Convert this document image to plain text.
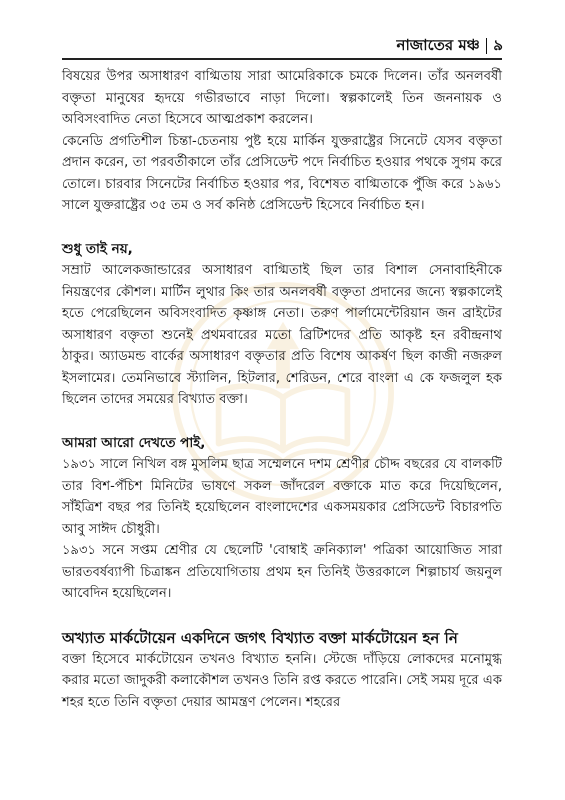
নাজাতের মঞ্চ ৯

বিষয়ের উপর অসাধারণ বাগ্মিতায় সারা আমেরিকাকে চমকে দিলেন। তাঁর অনলবর্ষী বক্তৃতা মানুষের হৃদয়ে গভীরভাবে নাড়া দিলো। স্বল্পকালেই তিন জননায়ক ও অবিসংবাদিত নেতা হিসেবে আত্মপ্রকাশ করলেন।

কেনেডি প্রগতিশীল চিন্তা-চেতনায় পুষ্ট হয়ে মার্কিন যুক্তরাষ্ট্রের সিনেটে যেসব বক্তৃতা প্রদান করেন, তা পরবর্তীকালে তাঁর প্রেসিডেন্ট পদে নির্বাচিত হওয়ার পথকে সুগম করে তোলে। চারবার সিনেটের নির্বাচিত হওয়ার পর, বিশেষত বাগ্মিতাকে পুঁজি করে ১৯৬১ সালে যুক্তরাষ্ট্রের ৩৫ তম ও সর্ব কনিষ্ঠ প্রেসিডেন্ট হিসেবে নির্বাচিত হন।

শুধু তাই নয়,

সম্রাট আলেকজান্ডারের অসাধারণ বাগ্মিতাই ছিল তার বিশাল সেনাবাহিনীকে নিয়ন্ত্রণের কৌশল। মার্টিন লুথার কিং তার অনলবর্ষী বক্তৃতা প্রদানের জন্যে স্বল্পকালেই হতে পেরেছিলেন অবিসংবাদিত কৃষ্ণাঙ্গ নেতা। তরুণ পার্লামেন্টেরিয়ান জন ব্রাইটের অসাধারণ বক্তৃতা শুনেই প্রথমবারের মতো ব্রিটিশদের প্রতি আকৃষ্ট হন রবীন্দ্রনাথ ঠাকুর। অ্যাডমন্ড বার্কের অসাধারণ বক্তৃতার প্রতি বিশেষ আকর্ষণ ছিল কাজী নজরুল ইসলামের। তেমনিভাবে স্ট্যালিন, হিটলার, শেরিডন, শেরে বাংলা এ কে ফজলুল হক ছিলেন তাদের সময়ের বিখ্যাত বক্তা।

আমরা আরো দেখতে পাই,

১৯৩১ সালে নিখিল বঙ্গ মুসলিম ছাত্র সম্মেলনে দশম শ্রেণীর চৌদ্দ বছরের যে বালকটি তার বিশ-পঁচিশ মিনিটের ভাষণে সকল জাঁদরেল বক্তাকে মাত করে দিয়েছিলেন, সাঁইত্রিশ বছর পর তিনিই হয়েছিলেন বাংলাদেশের একসময়কার প্রেসিডেন্ট বিচারপতি আবু সাঈদ চৌধুরী।

১৯৩১ সনে সপ্তম শ্রেণীর যে ছেলেটি 'বোম্বাই ক্রনিক্যাল' পত্রিকা আয়োজিত সারা ভারতবর্ষব্যাপী চিত্রাঙ্কন প্রতিযোগিতায় প্রথম হন তিনিই উত্তরকালে শিল্পাচার্য জয়নুল আবেদিন হয়েছিলেন।

অখ্যাত মার্কটোয়েন একদিনে জগৎ বিখ্যাত বক্তা মার্কটোয়েন হন নি

বক্তা হিসেবে মার্কটোয়েন তখনও বিখ্যাত হননি। স্টেজে দাঁড়িয়ে লোকদের মনোমুগ্ধ করার মতো জাদুকরী কলাকৌশল তখনও তিনি রপ্ত করতে পারেনি। সেই সময় দূরে এক শহর হতে তিনি বক্তৃতা দেয়ার আমন্ত্রণ পেলেন। শহরের
